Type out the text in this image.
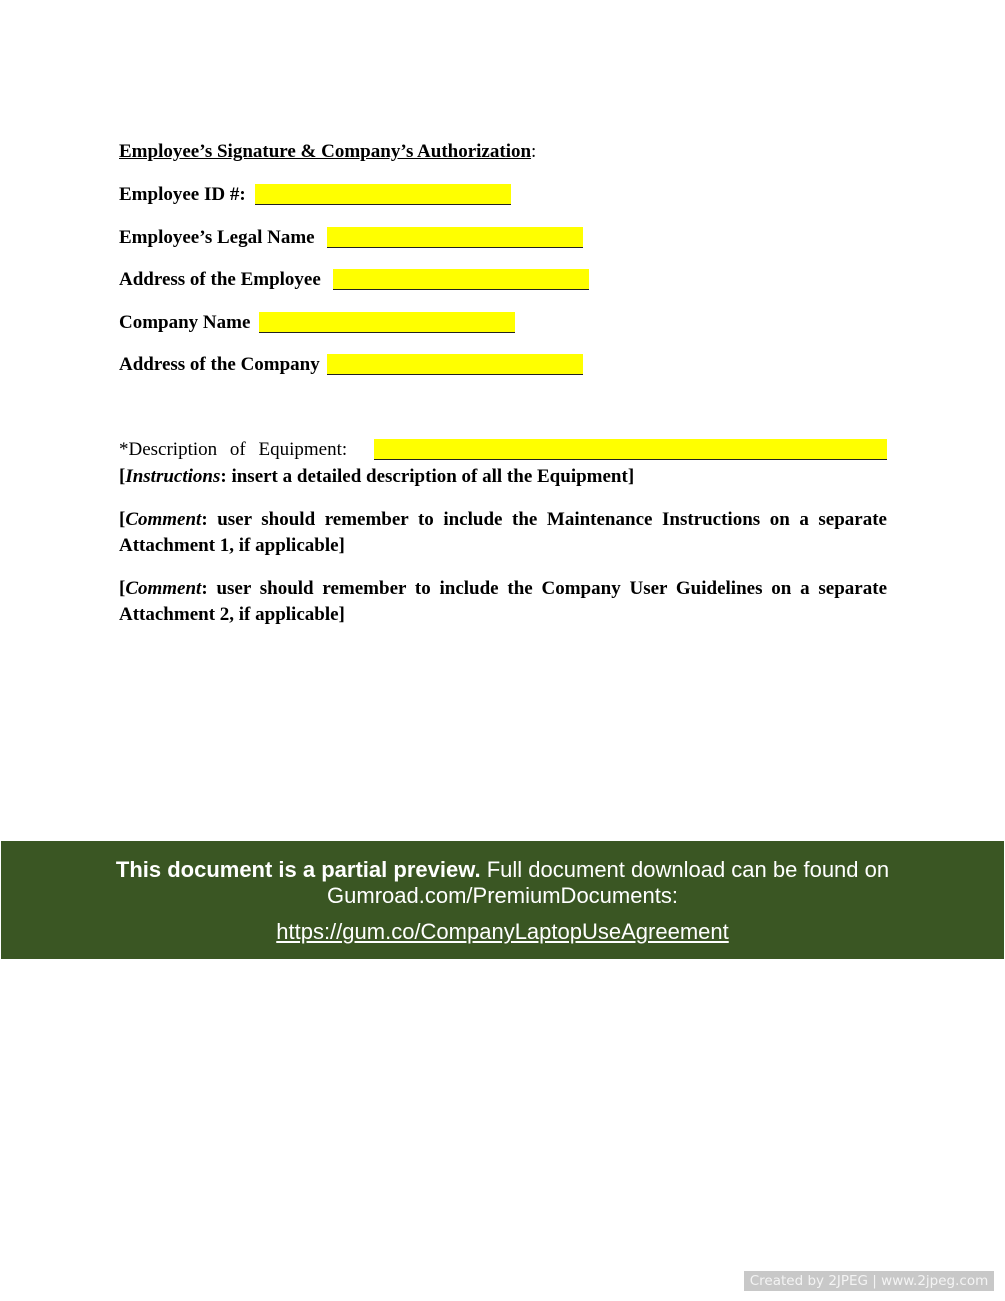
Employee’s Signature & Company’s Authorization:
Employee ID #:
Employee’s Legal Name
Address of the Employee
Company Name
Address of the Company
*Description of Equipment:
[Instructions: insert a detailed description of all the Equipment]
[Comment: user should remember to include the Maintenance Instructions on a separate Attachment 1, if applicable]
[Comment: user should remember to include the Company User Guidelines on a separate Attachment 2, if applicable]
This document is a partial preview. Full document download can be found on Gumroad.com/PremiumDocuments:
https://gum.co/CompanyLaptopUseAgreement
Created by 2JPEG | www.2jpeg.com
